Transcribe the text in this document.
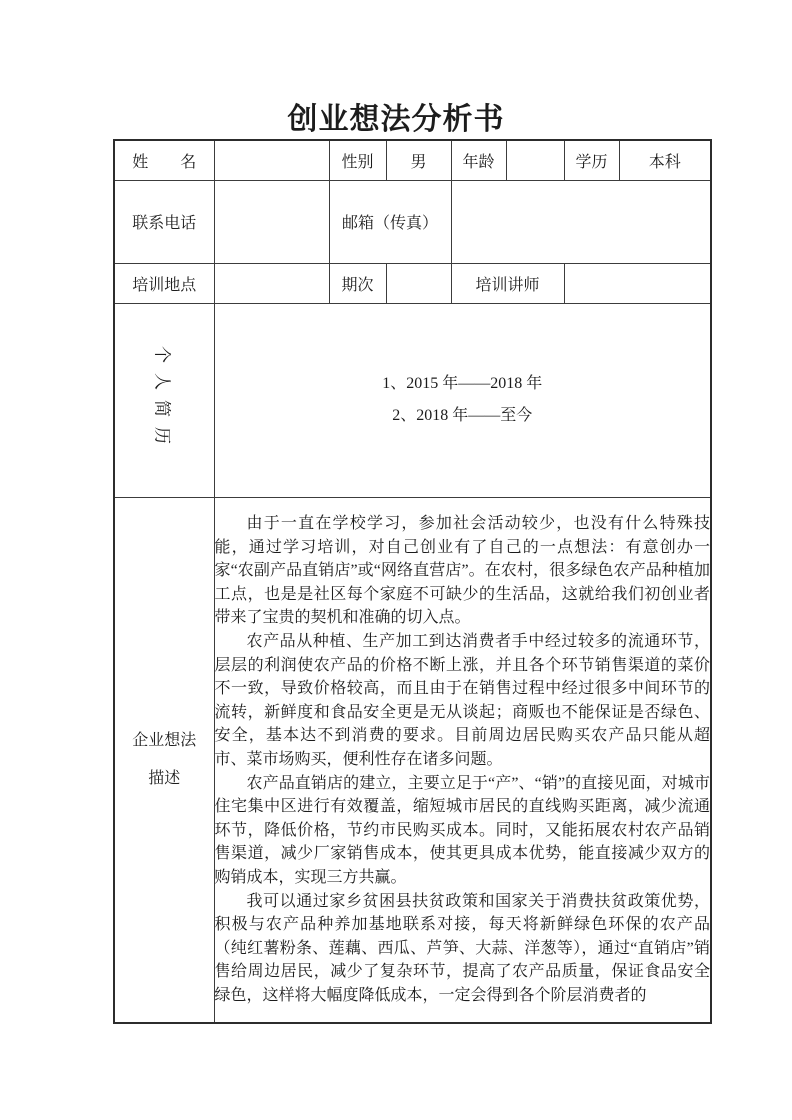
创业想法分析书
姓　　名		性别	男	年龄		学历	本科
联系电话		邮箱（传真）					
培训地点		期次		培训讲师			

个人简历	1、2015 年——2018 年
2、2018 年——至今						

企业想法
描述

由于一直在学校学习，参加社会活动较少，也没有什么特殊技能，通过学习培训，对自己创业有了自己的一点想法：有意创办一家“农副产品直销店”或“网络直营店”。在农村，很多绿色农产品种植加工点，也是是社区每个家庭不可缺少的生活品，这就给我们初创业者带来了宝贵的契机和准确的切入点。

农产品从种植、生产加工到达消费者手中经过较多的流通环节，层层的利润使农产品的价格不断上涨，并且各个环节销售渠道的菜价不一致，导致价格较高，而且由于在销售过程中经过很多中间环节的流转，新鲜度和食品安全更是无从谈起；商贩也不能保证是否绿色、安全，基本达不到消费的要求。目前周边居民购买农产品只能从超市、菜市场购买，便利性存在诸多问题。

农产品直销店的建立，主要立足于“产”、“销”的直接见面，对城市住宅集中区进行有效覆盖，缩短城市居民的直线购买距离，减少流通环节，降低价格，节约市民购买成本。同时，又能拓展农村农产品销售渠道，减少厂家销售成本，使其更具成本优势，能直接减少双方的购销成本，实现三方共赢。

我可以通过家乡贫困县扶贫政策和国家关于消费扶贫政策优势，积极与农产品种养加基地联系对接，每天将新鲜绿色环保的农产品（纯红薯粉条、莲藕、西瓜、芦笋、大蒜、洋葱等），通过“直销店”销售给周边居民，减少了复杂环节，提高了农产品质量，保证食品安全绿色，这样将大幅度降低成本，一定会得到各个阶层消费者的
